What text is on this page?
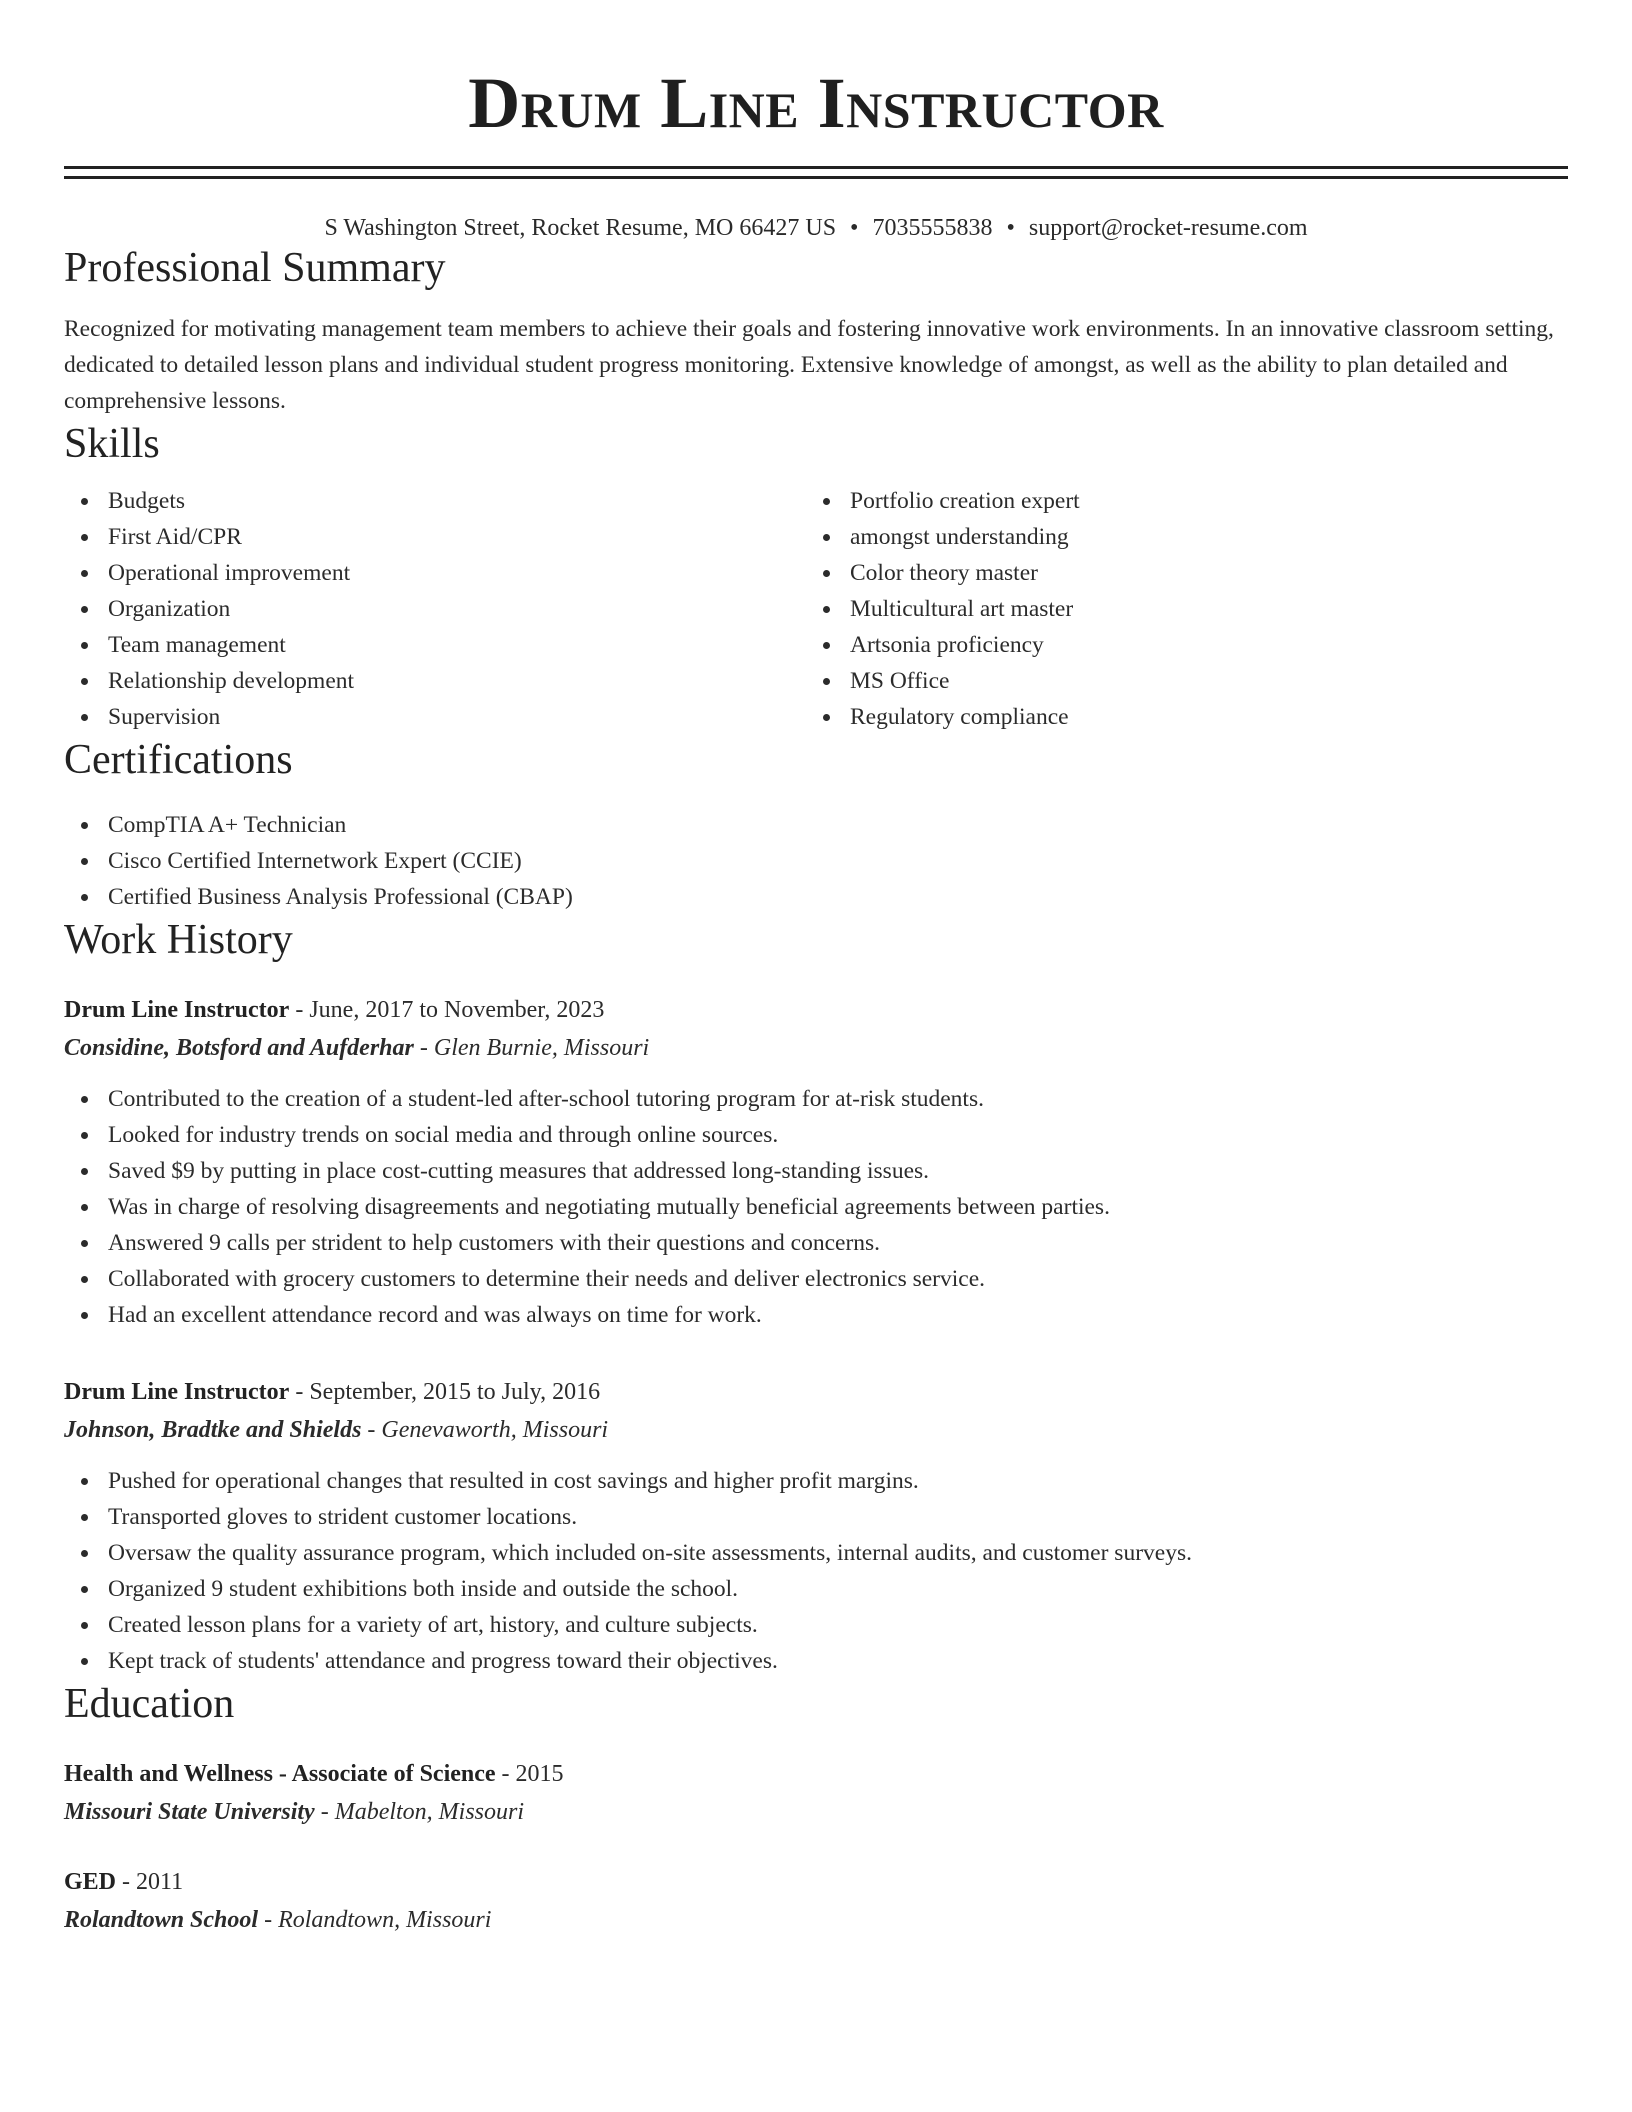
Drum Line Instructor
S Washington Street, Rocket Resume, MO 66427 US • 7035555838 • support@rocket-resume.com
Professional Summary

Recognized for motivating management team members to achieve their goals and fostering innovative work environments. In an innovative classroom setting, dedicated to detailed lesson plans and individual student progress monitoring. Extensive knowledge of amongst, as well as the ability to plan detailed and comprehensive lessons.

Skills
Budgets
First Aid/CPR
Operational improvement
Organization
Team management
Relationship development
Supervision
Portfolio creation expert
amongst understanding
Color theory master
Multicultural art master
Artsonia proficiency
MS Office
Regulatory compliance
Certifications
CompTIA A+ Technician
Cisco Certified Internetwork Expert (CCIE)
Certified Business Analysis Professional (CBAP)
Work History
Drum Line Instructor - June, 2017 to November, 2023
Considine, Botsford and Aufderhar - Glen Burnie, Missouri
Contributed to the creation of a student-led after-school tutoring program for at-risk students.
Looked for industry trends on social media and through online sources.
Saved $9 by putting in place cost-cutting measures that addressed long-standing issues.
Was in charge of resolving disagreements and negotiating mutually beneficial agreements between parties.
Answered 9 calls per strident to help customers with their questions and concerns.
Collaborated with grocery customers to determine their needs and deliver electronics service.
Had an excellent attendance record and was always on time for work.
Drum Line Instructor - September, 2015 to July, 2016
Johnson, Bradtke and Shields - Genevaworth, Missouri
Pushed for operational changes that resulted in cost savings and higher profit margins.
Transported gloves to strident customer locations.
Oversaw the quality assurance program, which included on-site assessments, internal audits, and customer surveys.
Organized 9 student exhibitions both inside and outside the school.
Created lesson plans for a variety of art, history, and culture subjects.
Kept track of students' attendance and progress toward their objectives.
Education
Health and Wellness - Associate of Science - 2015
Missouri State University - Mabelton, Missouri
GED - 2011
Rolandtown School - Rolandtown, Missouri
